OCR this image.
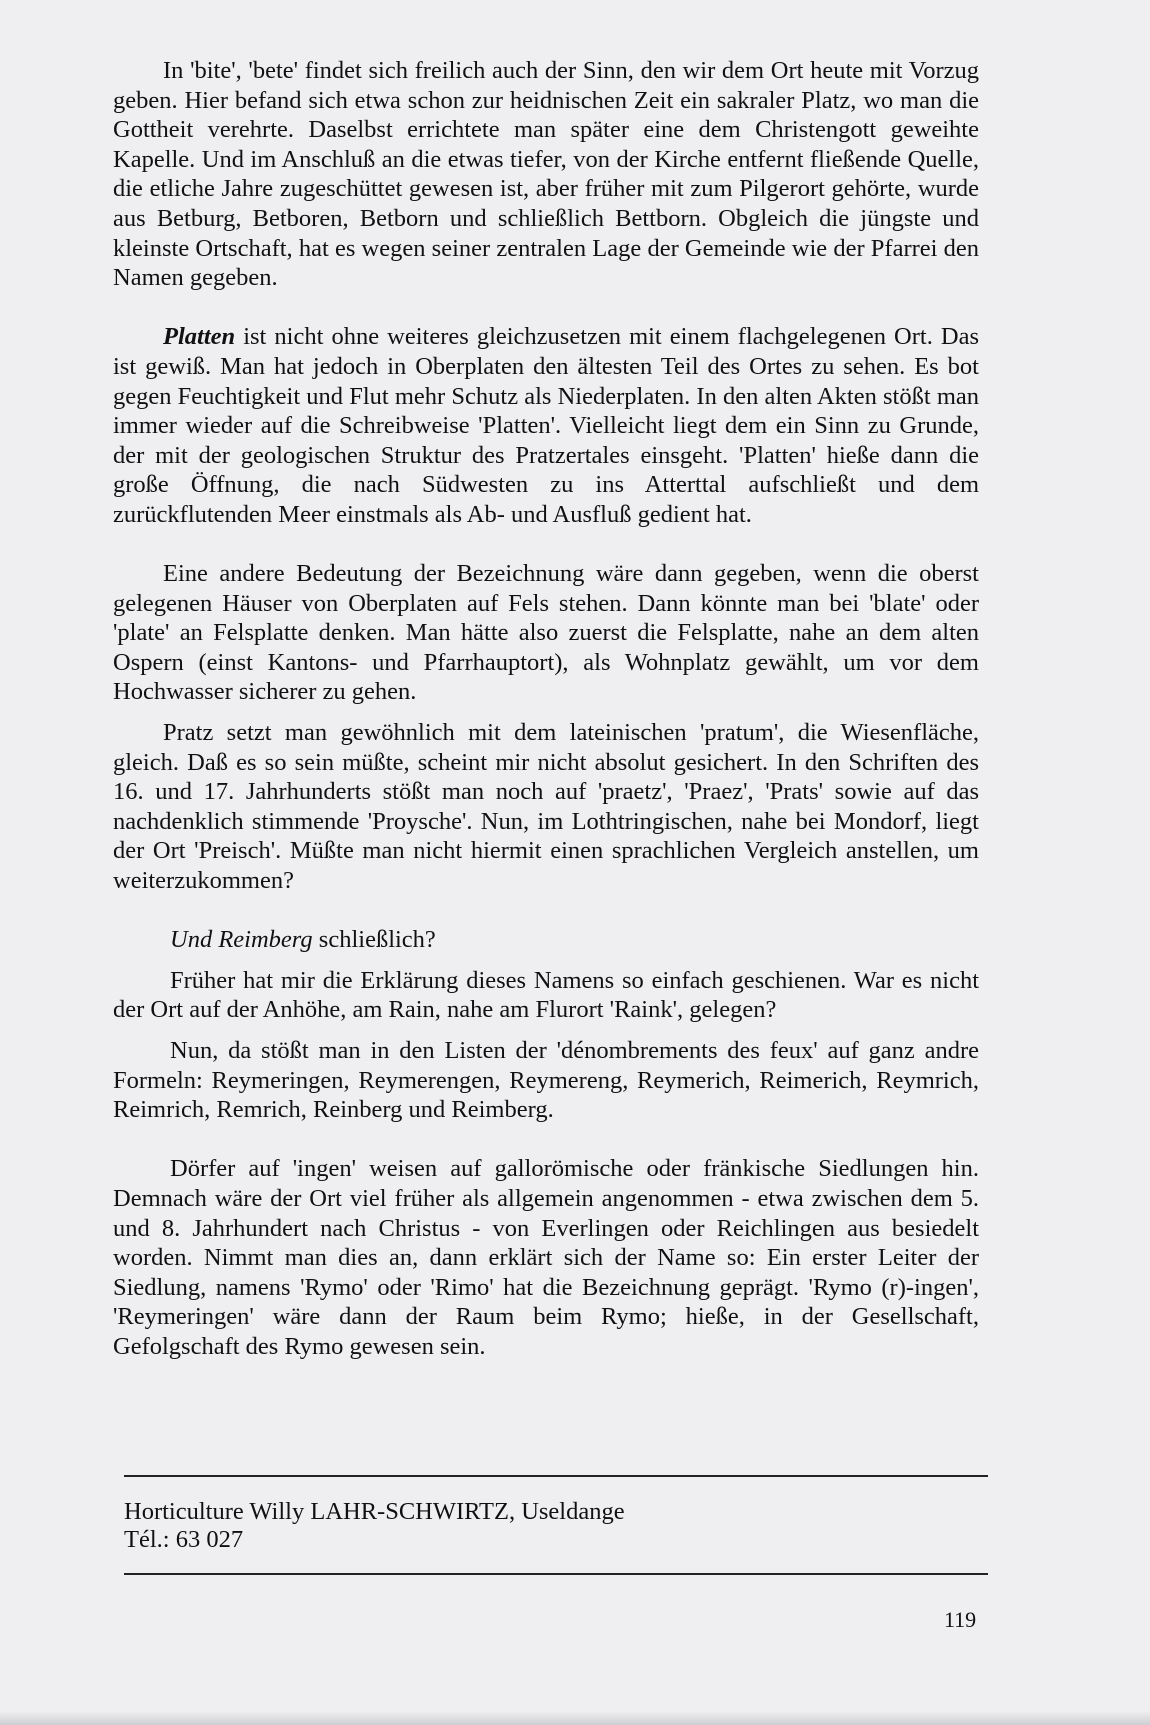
In 'bite', 'bete' findet sich freilich auch der Sinn, den wir dem Ort heute mit Vorzug geben. Hier befand sich etwa schon zur heidnischen Zeit ein sakraler Platz, wo man die Gottheit verehrte. Daselbst errichtete man später eine dem Christengott geweihte Kapelle. Und im Anschluß an die etwas tiefer, von der Kirche entfernt fließende Quelle, die etliche Jahre zugeschüttet gewesen ist, aber früher mit zum Pilgerort gehörte, wurde aus Betburg, Betboren, Betborn und schließlich Bettborn. Obgleich die jüngste und kleinste Ortschaft, hat es wegen seiner zentralen Lage der Gemeinde wie der Pfarrei den Namen gegeben.

Platten ist nicht ohne weiteres gleichzusetzen mit einem flachgelegenen Ort. Das ist gewiß. Man hat jedoch in Oberplaten den ältesten Teil des Ortes zu sehen. Es bot gegen Feuchtigkeit und Flut mehr Schutz als Niederplaten. In den alten Akten stößt man immer wieder auf die Schreibweise 'Platten'. Vielleicht liegt dem ein Sinn zu Grunde, der mit der geologischen Struktur des Pratzertales einsgeht. 'Platten' hieße dann die große Öffnung, die nach Südwesten zu ins Atterttal aufschließt und dem zurückflutenden Meer einstmals als Ab- und Ausfluß gedient hat.

Eine andere Bedeutung der Bezeichnung wäre dann gegeben, wenn die oberst gelegenen Häuser von Oberplaten auf Fels stehen. Dann könnte man bei 'blate' oder 'plate' an Felsplatte denken. Man hätte also zuerst die Felsplatte, nahe an dem alten Ospern (einst Kantons- und Pfarrhauptort), als Wohnplatz gewählt, um vor dem Hochwasser sicherer zu gehen.

Pratz setzt man gewöhnlich mit dem lateinischen 'pratum', die Wiesenfläche, gleich. Daß es so sein müßte, scheint mir nicht absolut gesichert. In den Schriften des 16. und 17. Jahrhunderts stößt man noch auf 'praetz', 'Praez', 'Prats' sowie auf das nachdenklich stimmende 'Proysche'. Nun, im Lothtringischen, nahe bei Mondorf, liegt der Ort 'Preisch'. Müßte man nicht hiermit einen sprachlichen Vergleich anstellen, um weiterzukommen?

Und Reimberg schließlich?

Früher hat mir die Erklärung dieses Namens so einfach geschienen. War es nicht der Ort auf der Anhöhe, am Rain, nahe am Flurort 'Raink', gelegen?

Nun, da stößt man in den Listen der 'dénombrements des feux' auf ganz andre Formeln: Reymeringen, Reymerengen, Reymereng, Reymerich, Reimerich, Reymrich, Reimrich, Remrich, Reinberg und Reimberg.

Dörfer auf 'ingen' weisen auf gallorömische oder fränkische Siedlungen hin. Demnach wäre der Ort viel früher als allgemein angenommen - etwa zwischen dem 5. und 8. Jahrhundert nach Christus - von Everlingen oder Reichlingen aus besiedelt worden. Nimmt man dies an, dann erklärt sich der Name so: Ein erster Leiter der Siedlung, namens 'Rymo' oder 'Rimo' hat die Bezeichnung geprägt. 'Rymo (r)-ingen', 'Reymeringen' wäre dann der Raum beim Rymo; hieße, in der Gesellschaft, Gefolgschaft des Rymo gewesen sein.

Horticulture Willy LAHR-SCHWIRTZ, Useldange
Tél.: 63 027
119
